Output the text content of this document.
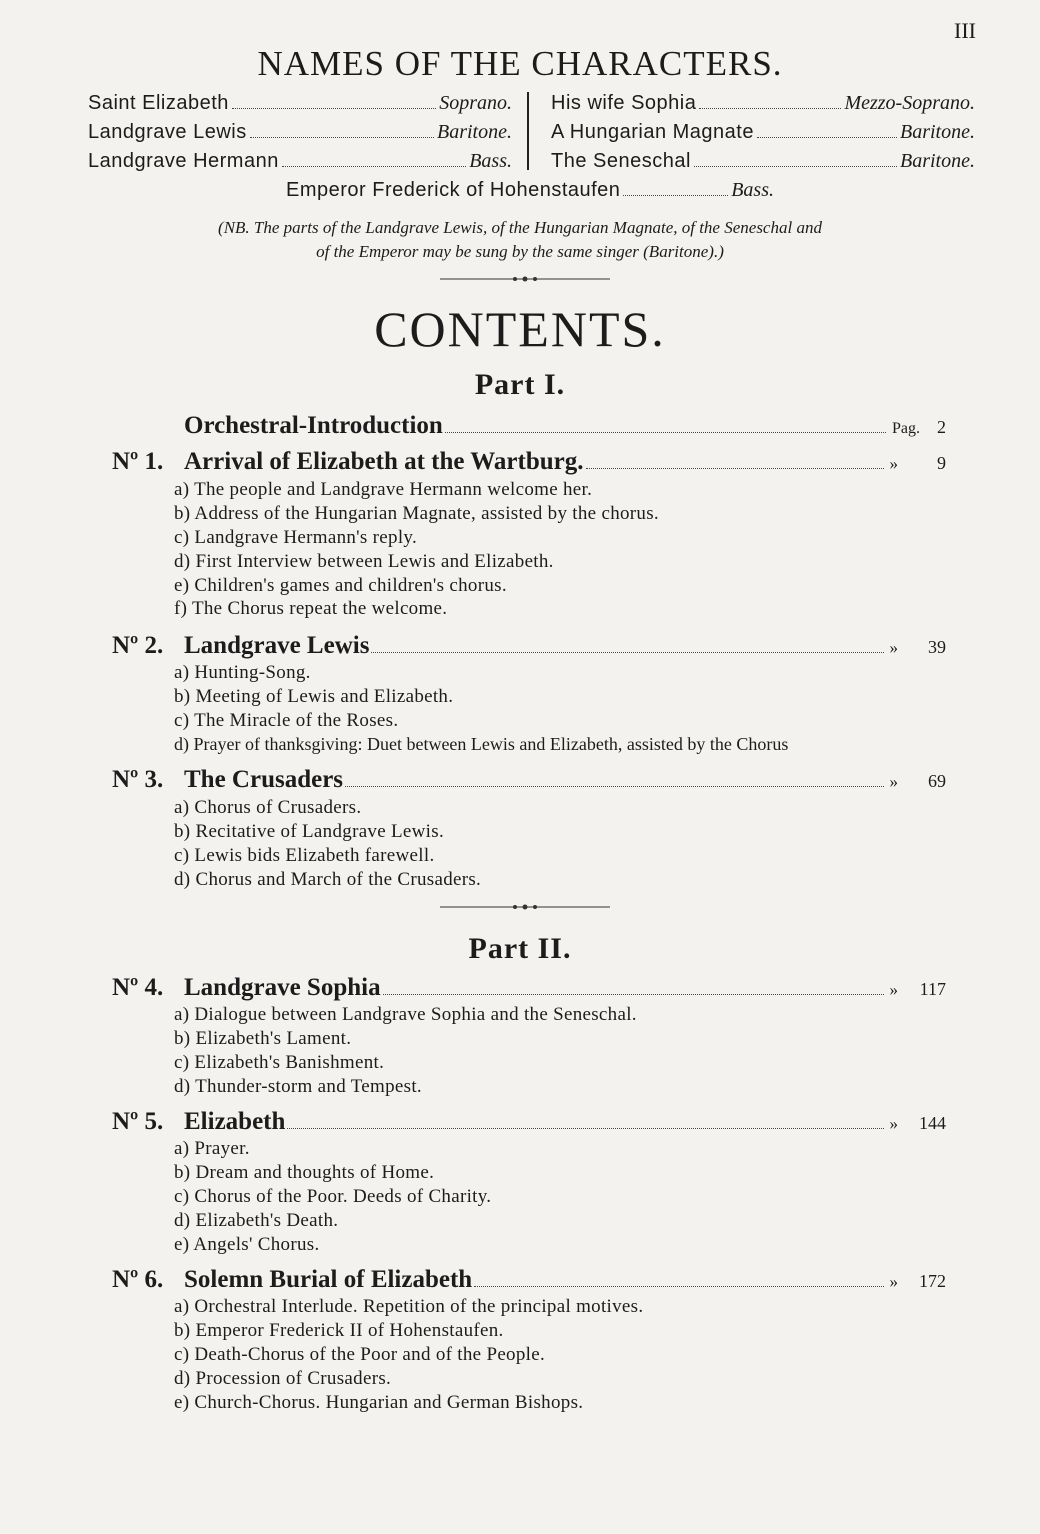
III
NAMES OF THE CHARACTERS.
Saint Elizabeth	Soprano.
Landgrave Lewis	Baritone.
Landgrave Hermann	Bass.
His wife Sophia	Mezzo-Soprano.
A Hungarian Magnate	Baritone.
The Seneschal	Baritone.
Emperor Frederick of Hohenstaufen	Bass.
(NB. The parts of the Landgrave Lewis, of the Hungarian Magnate, of the Seneschal and
of the Emperor may be sung by the same singer (Baritone).)
CONTENTS.
Part I.
Orchestral-Introduction	Pag. 2
Nº 1. Arrival of Elizabeth at the Wartburg.	»	9
a) The people and Landgrave Hermann welcome her.
b) Address of the Hungarian Magnate, assisted by the chorus.
c) Landgrave Hermann's reply.
d) First Interview between Lewis and Elizabeth.
e) Children's games and children's chorus.
f) The Chorus repeat the welcome.
Nº 2. Landgrave Lewis	»	39
a) Hunting-Song.
b) Meeting of Lewis and Elizabeth.
c) The Miracle of the Roses.
d) Prayer of thanksgiving: Duet between Lewis and Elizabeth, assisted by the Chorus
Nº 3. The Crusaders	»	69
a) Chorus of Crusaders.
b) Recitative of Landgrave Lewis.
c) Lewis bids Elizabeth farewell.
d) Chorus and March of the Crusaders.
Part II.
Nº 4. Landgrave Sophia	»	117
a) Dialogue between Landgrave Sophia and the Seneschal.
b) Elizabeth's Lament.
c) Elizabeth's Banishment.
d) Thunder-storm and Tempest.
Nº 5. Elizabeth	»	144
a) Prayer.
b) Dream and thoughts of Home.
c) Chorus of the Poor. Deeds of Charity.
d) Elizabeth's Death.
e) Angels' Chorus.
Nº 6. Solemn Burial of Elizabeth	»	172
a) Orchestral Interlude. Repetition of the principal motives.
b) Emperor Frederick II of Hohenstaufen.
c) Death-Chorus of the Poor and of the People.
d) Procession of Crusaders.
e) Church-Chorus. Hungarian and German Bishops.
